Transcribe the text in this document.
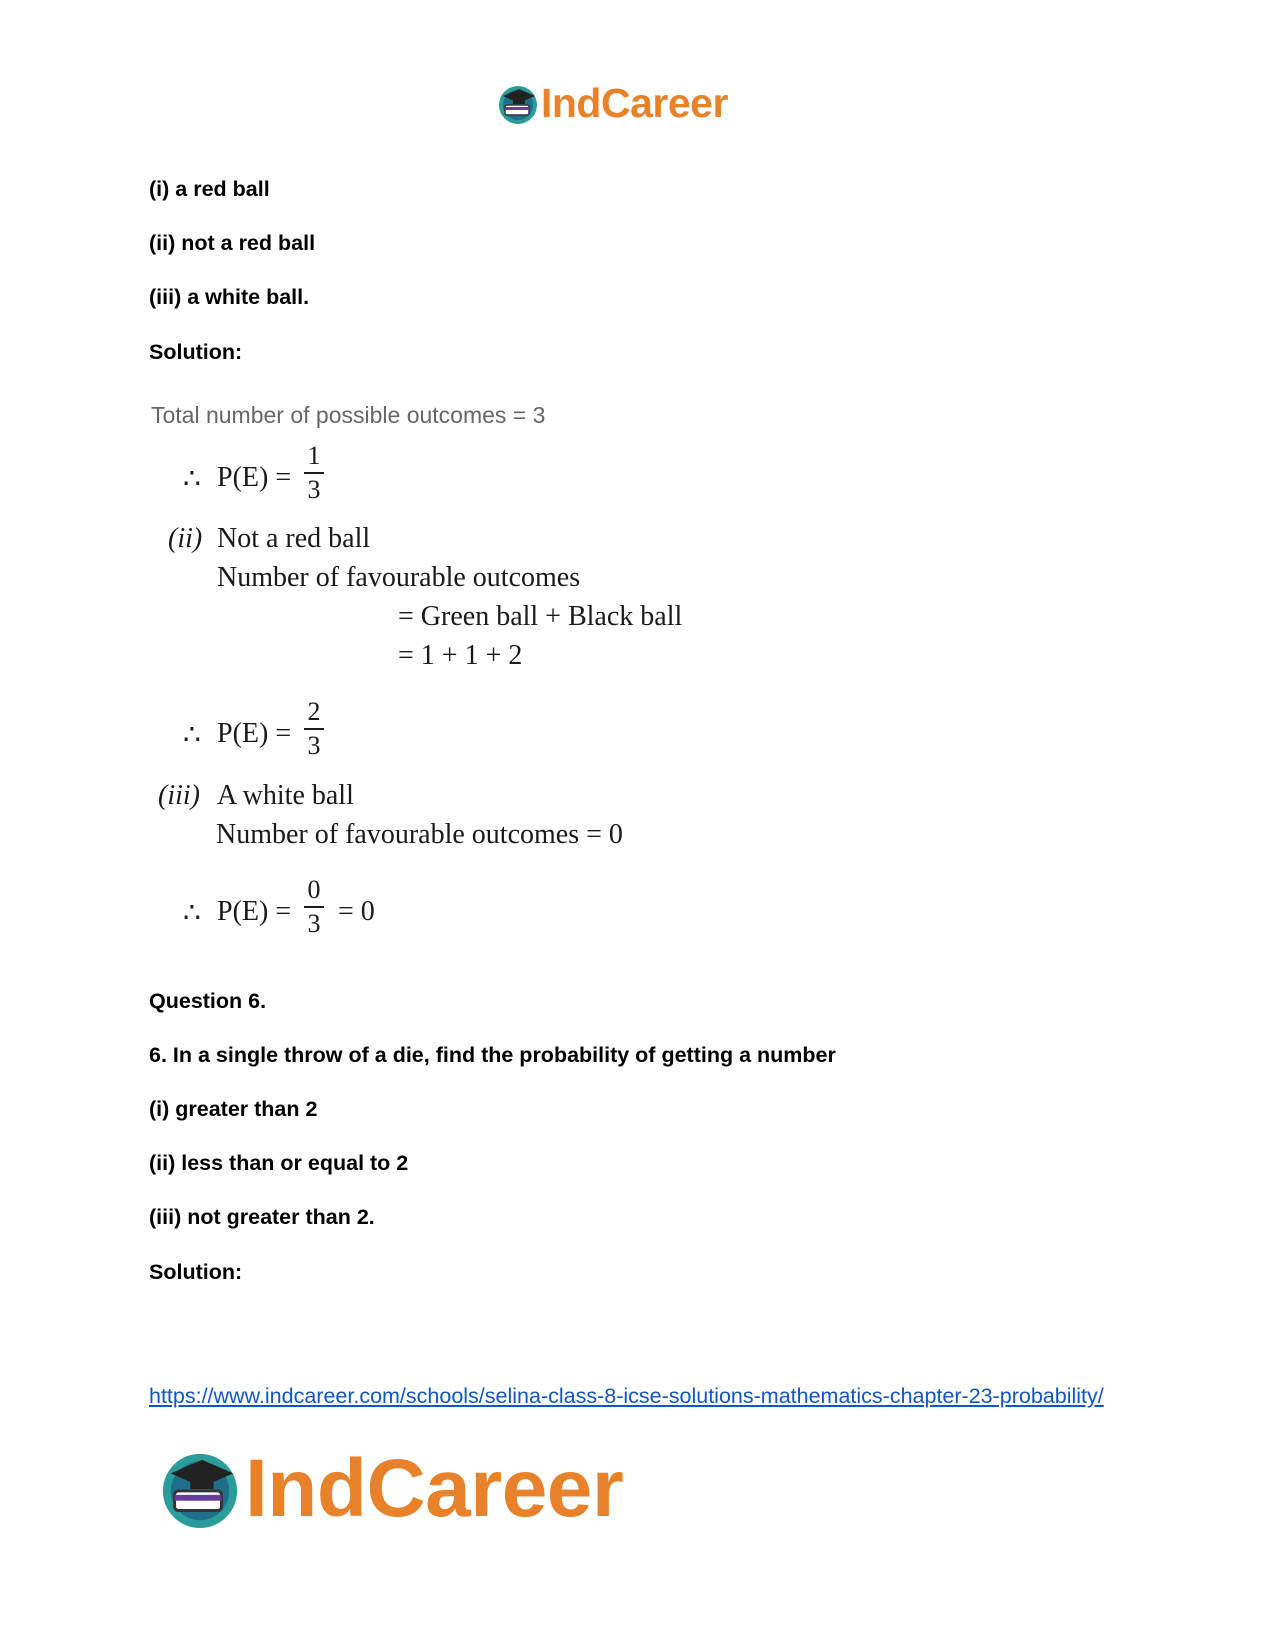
IndCareer
(i) a red ball
(ii) not a red ball
(iii) a white ball.
Solution:
Total number of possible outcomes = 3
∴ P(E) =
1
3
(ii) Not a red ball
Number of favourable outcomes
= Green ball + Black ball
= 1 + 1 + 2
∴ P(E) =
2
3
(iii) A white ball
Number of favourable outcomes = 0
∴ P(E) =
0
3 = 0
Question 6.
6. In a single throw of a die, find the probability of getting a number
(i) greater than 2
(ii) less than or equal to 2
(iii) not greater than 2.
Solution:
https://www.indcareer.com/schools/selina-class-8-icse-solutions-mathematics-chapter-23-probability/
IndCareer
